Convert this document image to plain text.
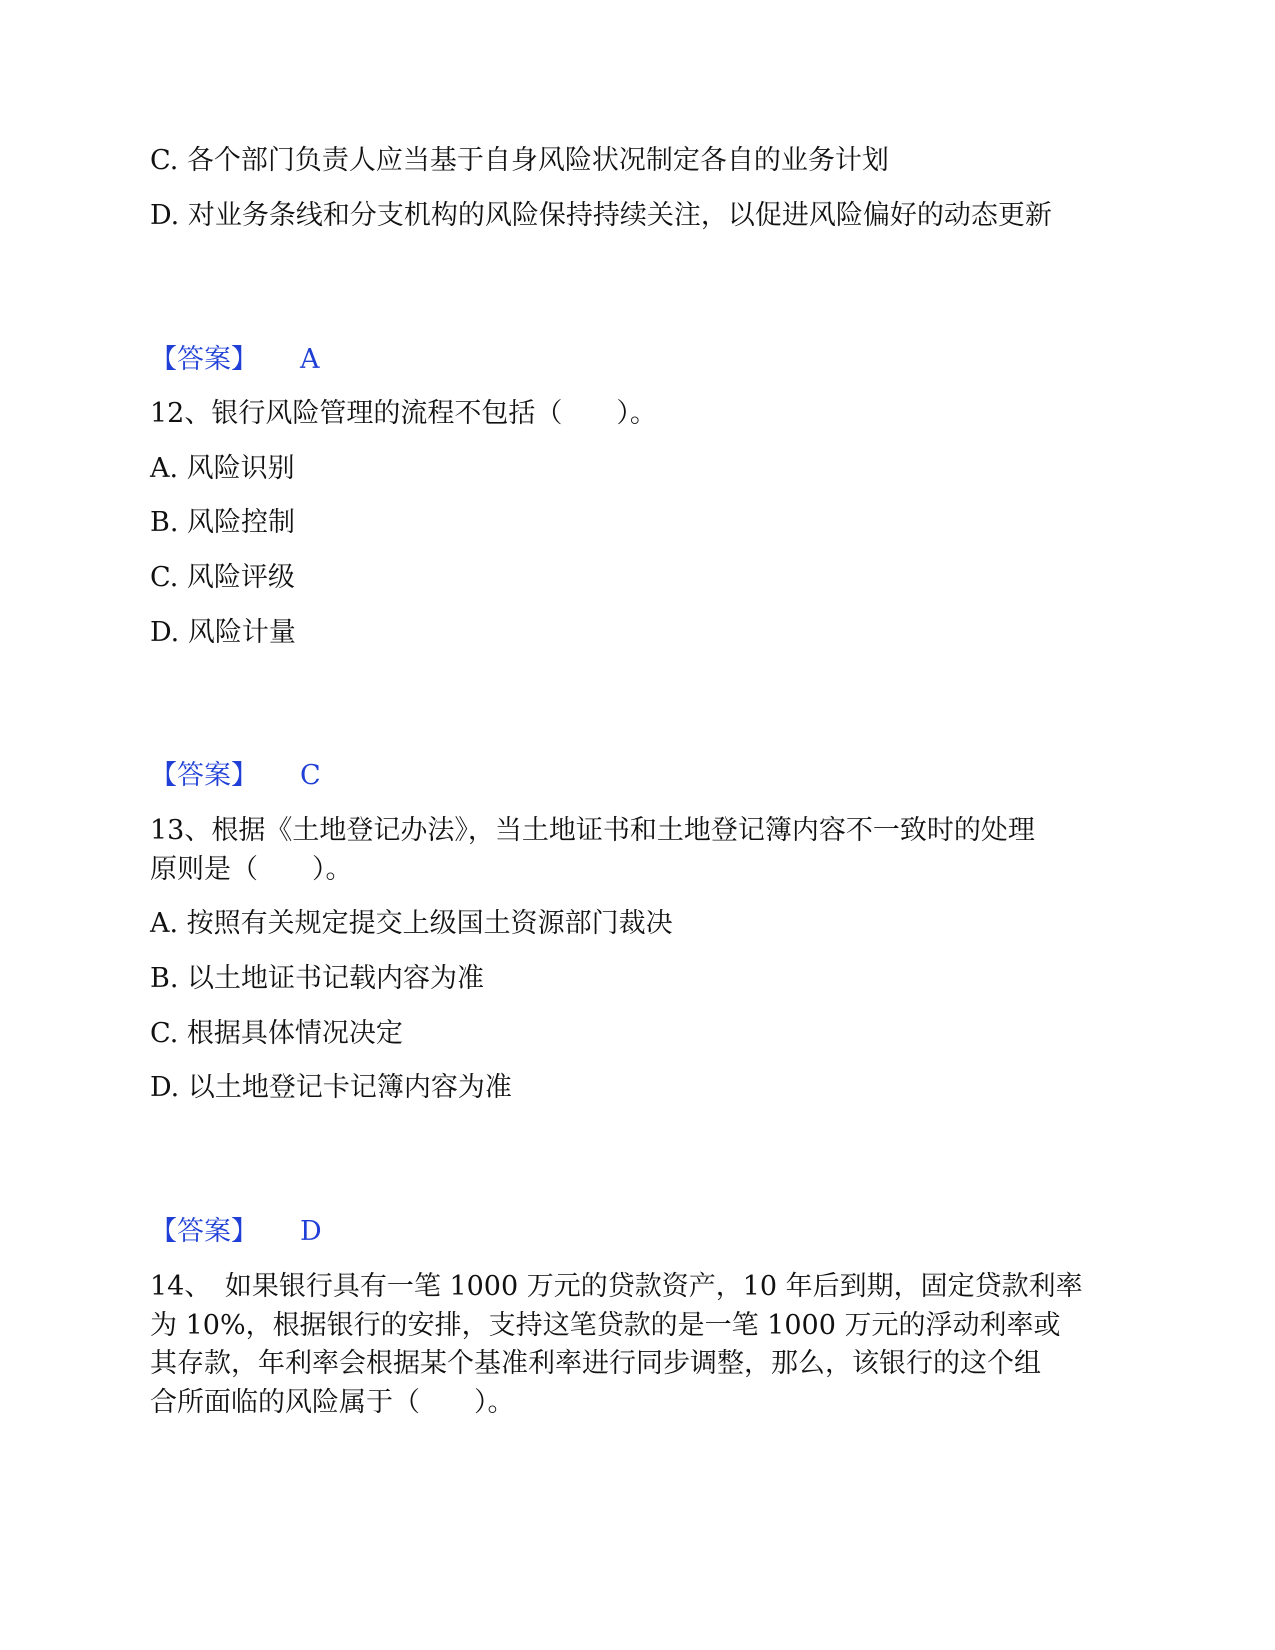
C. 各个部门负责人应当基于自身风险状况制定各自的业务计划
D. 对业务条线和分支机构的风险保持持续关注，以促进风险偏好的动态更新
【答案】 A
12、银行风险管理的流程不包括（　　）。
A. 风险识别
B. 风险控制
C. 风险评级
D. 风险计量
【答案】 C
13、根据《土地登记办法》，当土地证书和土地登记簿内容不一致时的处理
原则是（　　）。
A. 按照有关规定提交上级国土资源部门裁决
B. 以土地证书记载内容为准
C. 根据具体情况决定
D. 以土地登记卡记簿内容为准
【答案】 D
14、　如果银行具有一笔 1000 万元的贷款资产，10 年后到期，固定贷款利率
为 10%，根据银行的安排，支持这笔贷款的是一笔 1000 万元的浮动利率或
其存款，年利率会根据某个基准利率进行同步调整，那么，该银行的这个组
合所面临的风险属于（　　）。
